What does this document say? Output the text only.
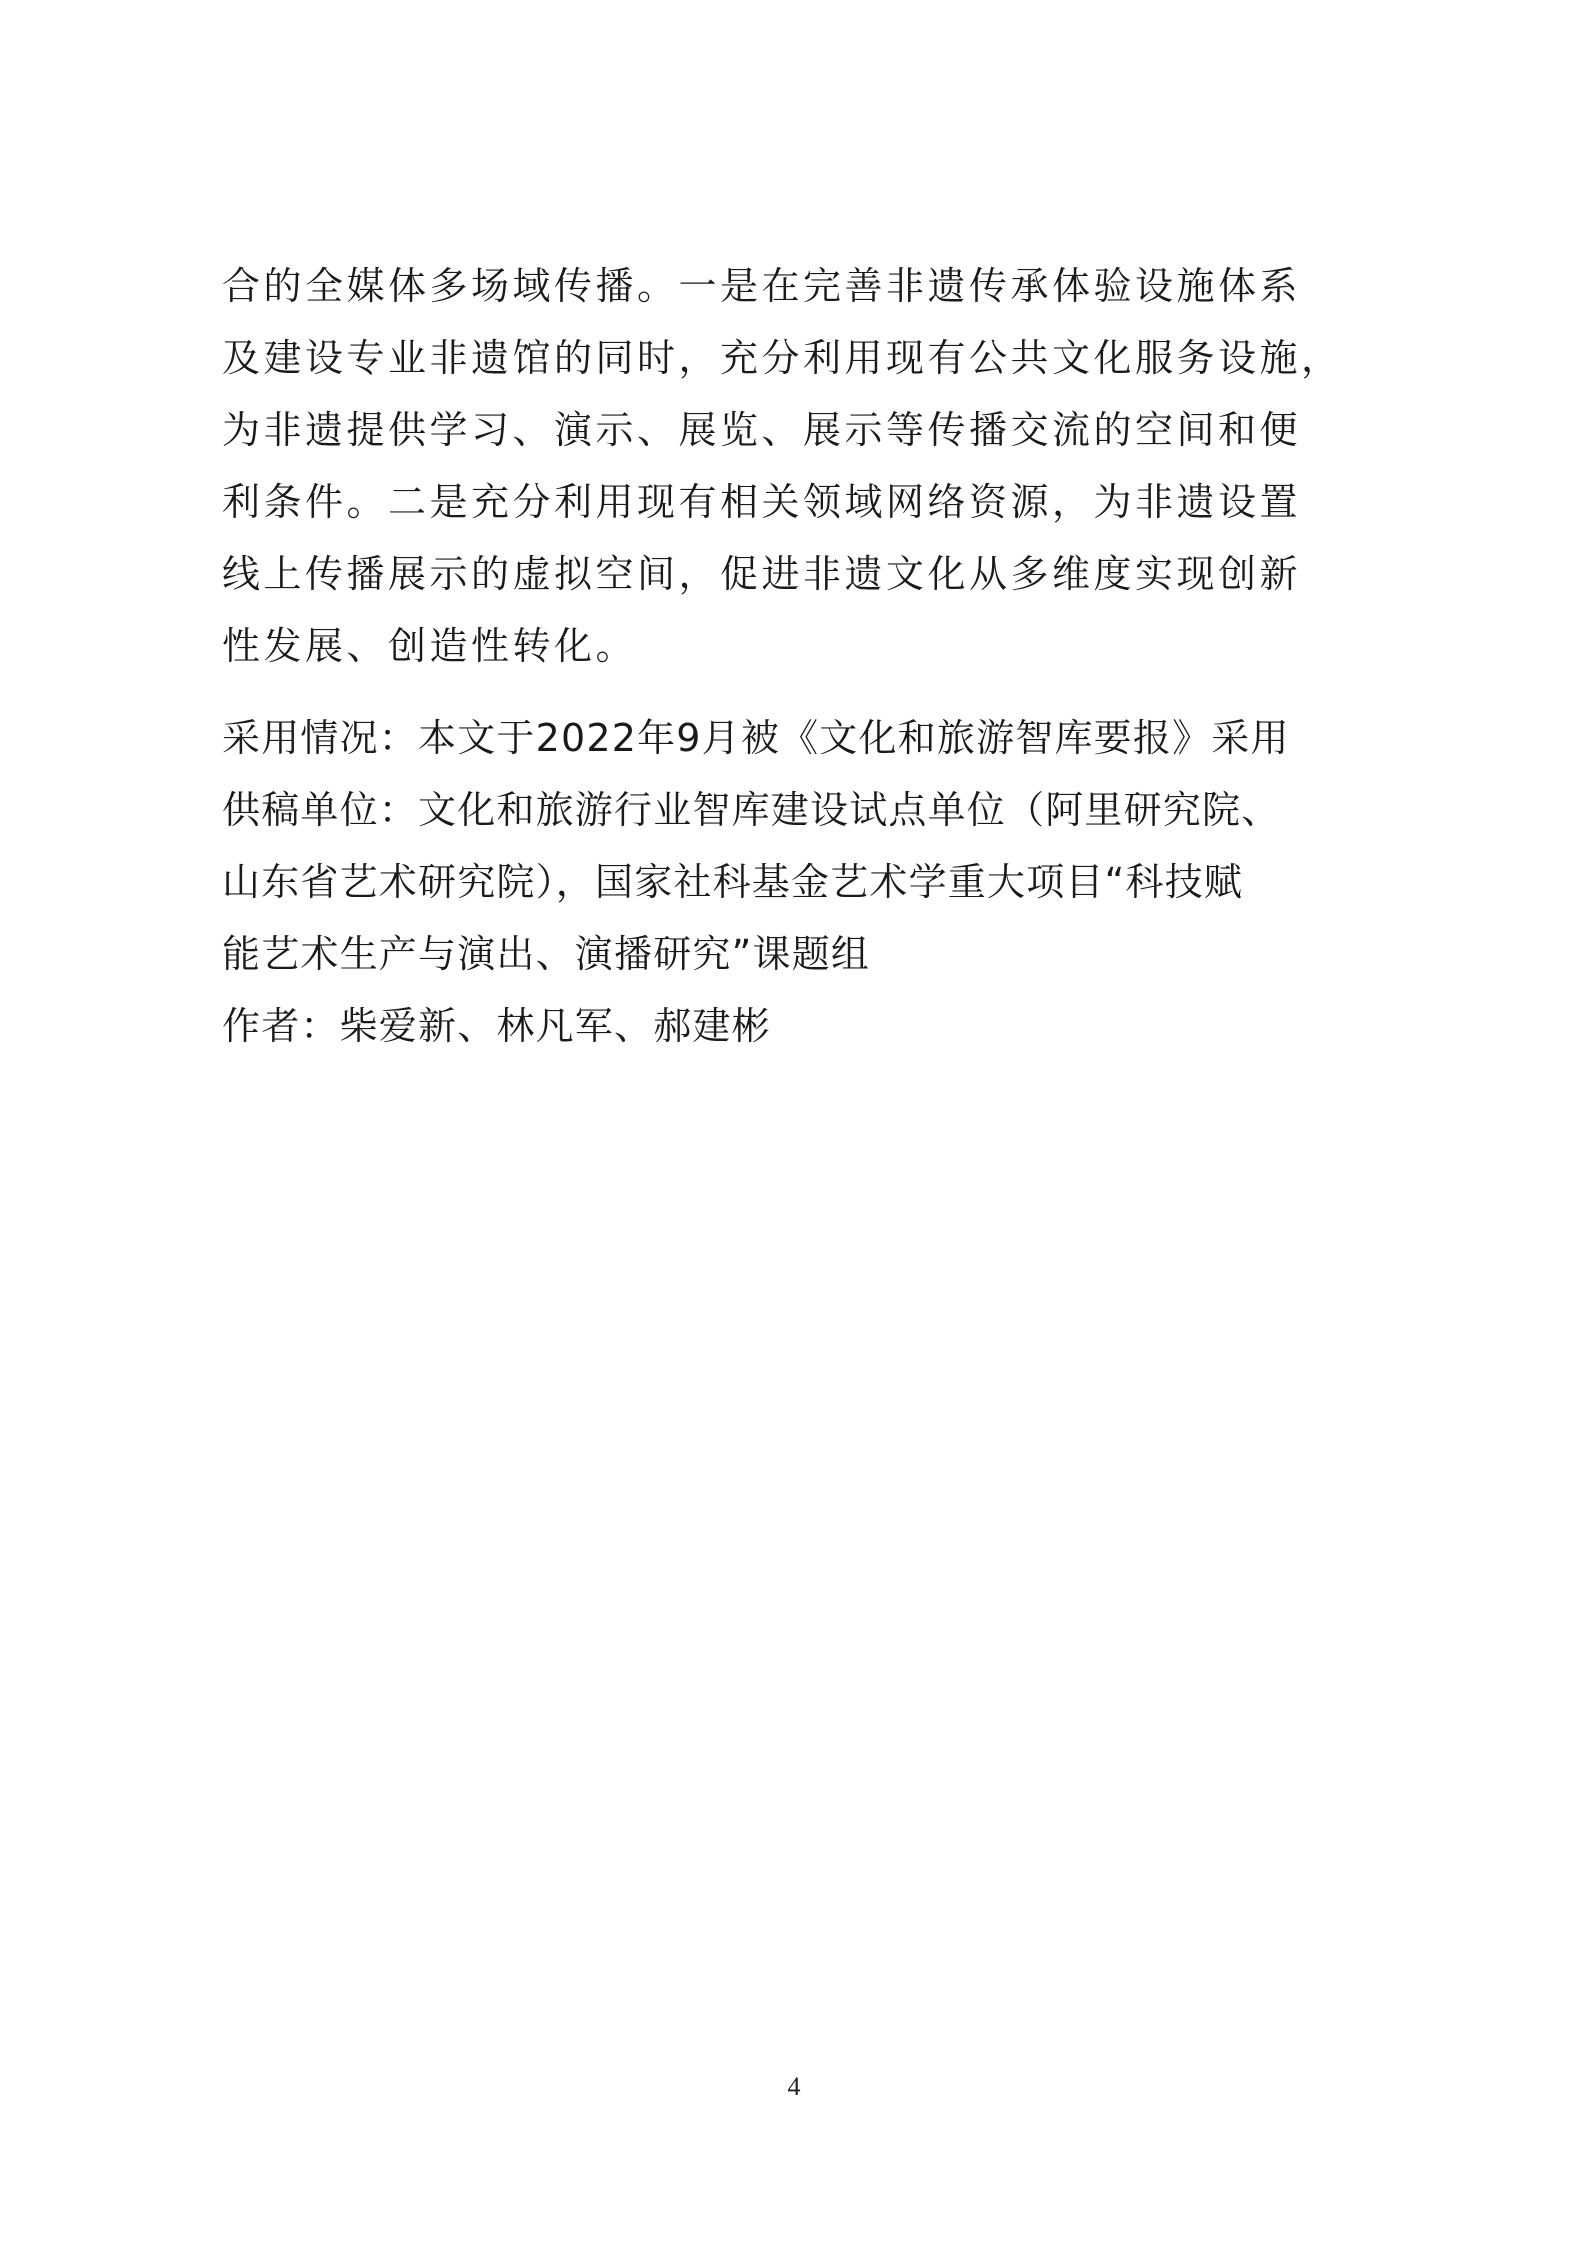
合的全媒体多场域传播。一是在完善非遗传承体验设施体系
及建设专业非遗馆的同时，充分利用现有公共文化服务设施，
为非遗提供学习、演示、展览、展示等传播交流的空间和便
利条件。二是充分利用现有相关领域网络资源，为非遗设置
线上传播展示的虚拟空间，促进非遗文化从多维度实现创新
性发展、创造性转化。
采用情况：本文于2022年9月被《文化和旅游智库要报》采用
供稿单位：文化和旅游行业智库建设试点单位（阿里研究院、
山东省艺术研究院），国家社科基金艺术学重大项目“科技赋
能艺术生产与演出、演播研究”课题组
作者：柴爱新、林凡军、郝建彬
4
